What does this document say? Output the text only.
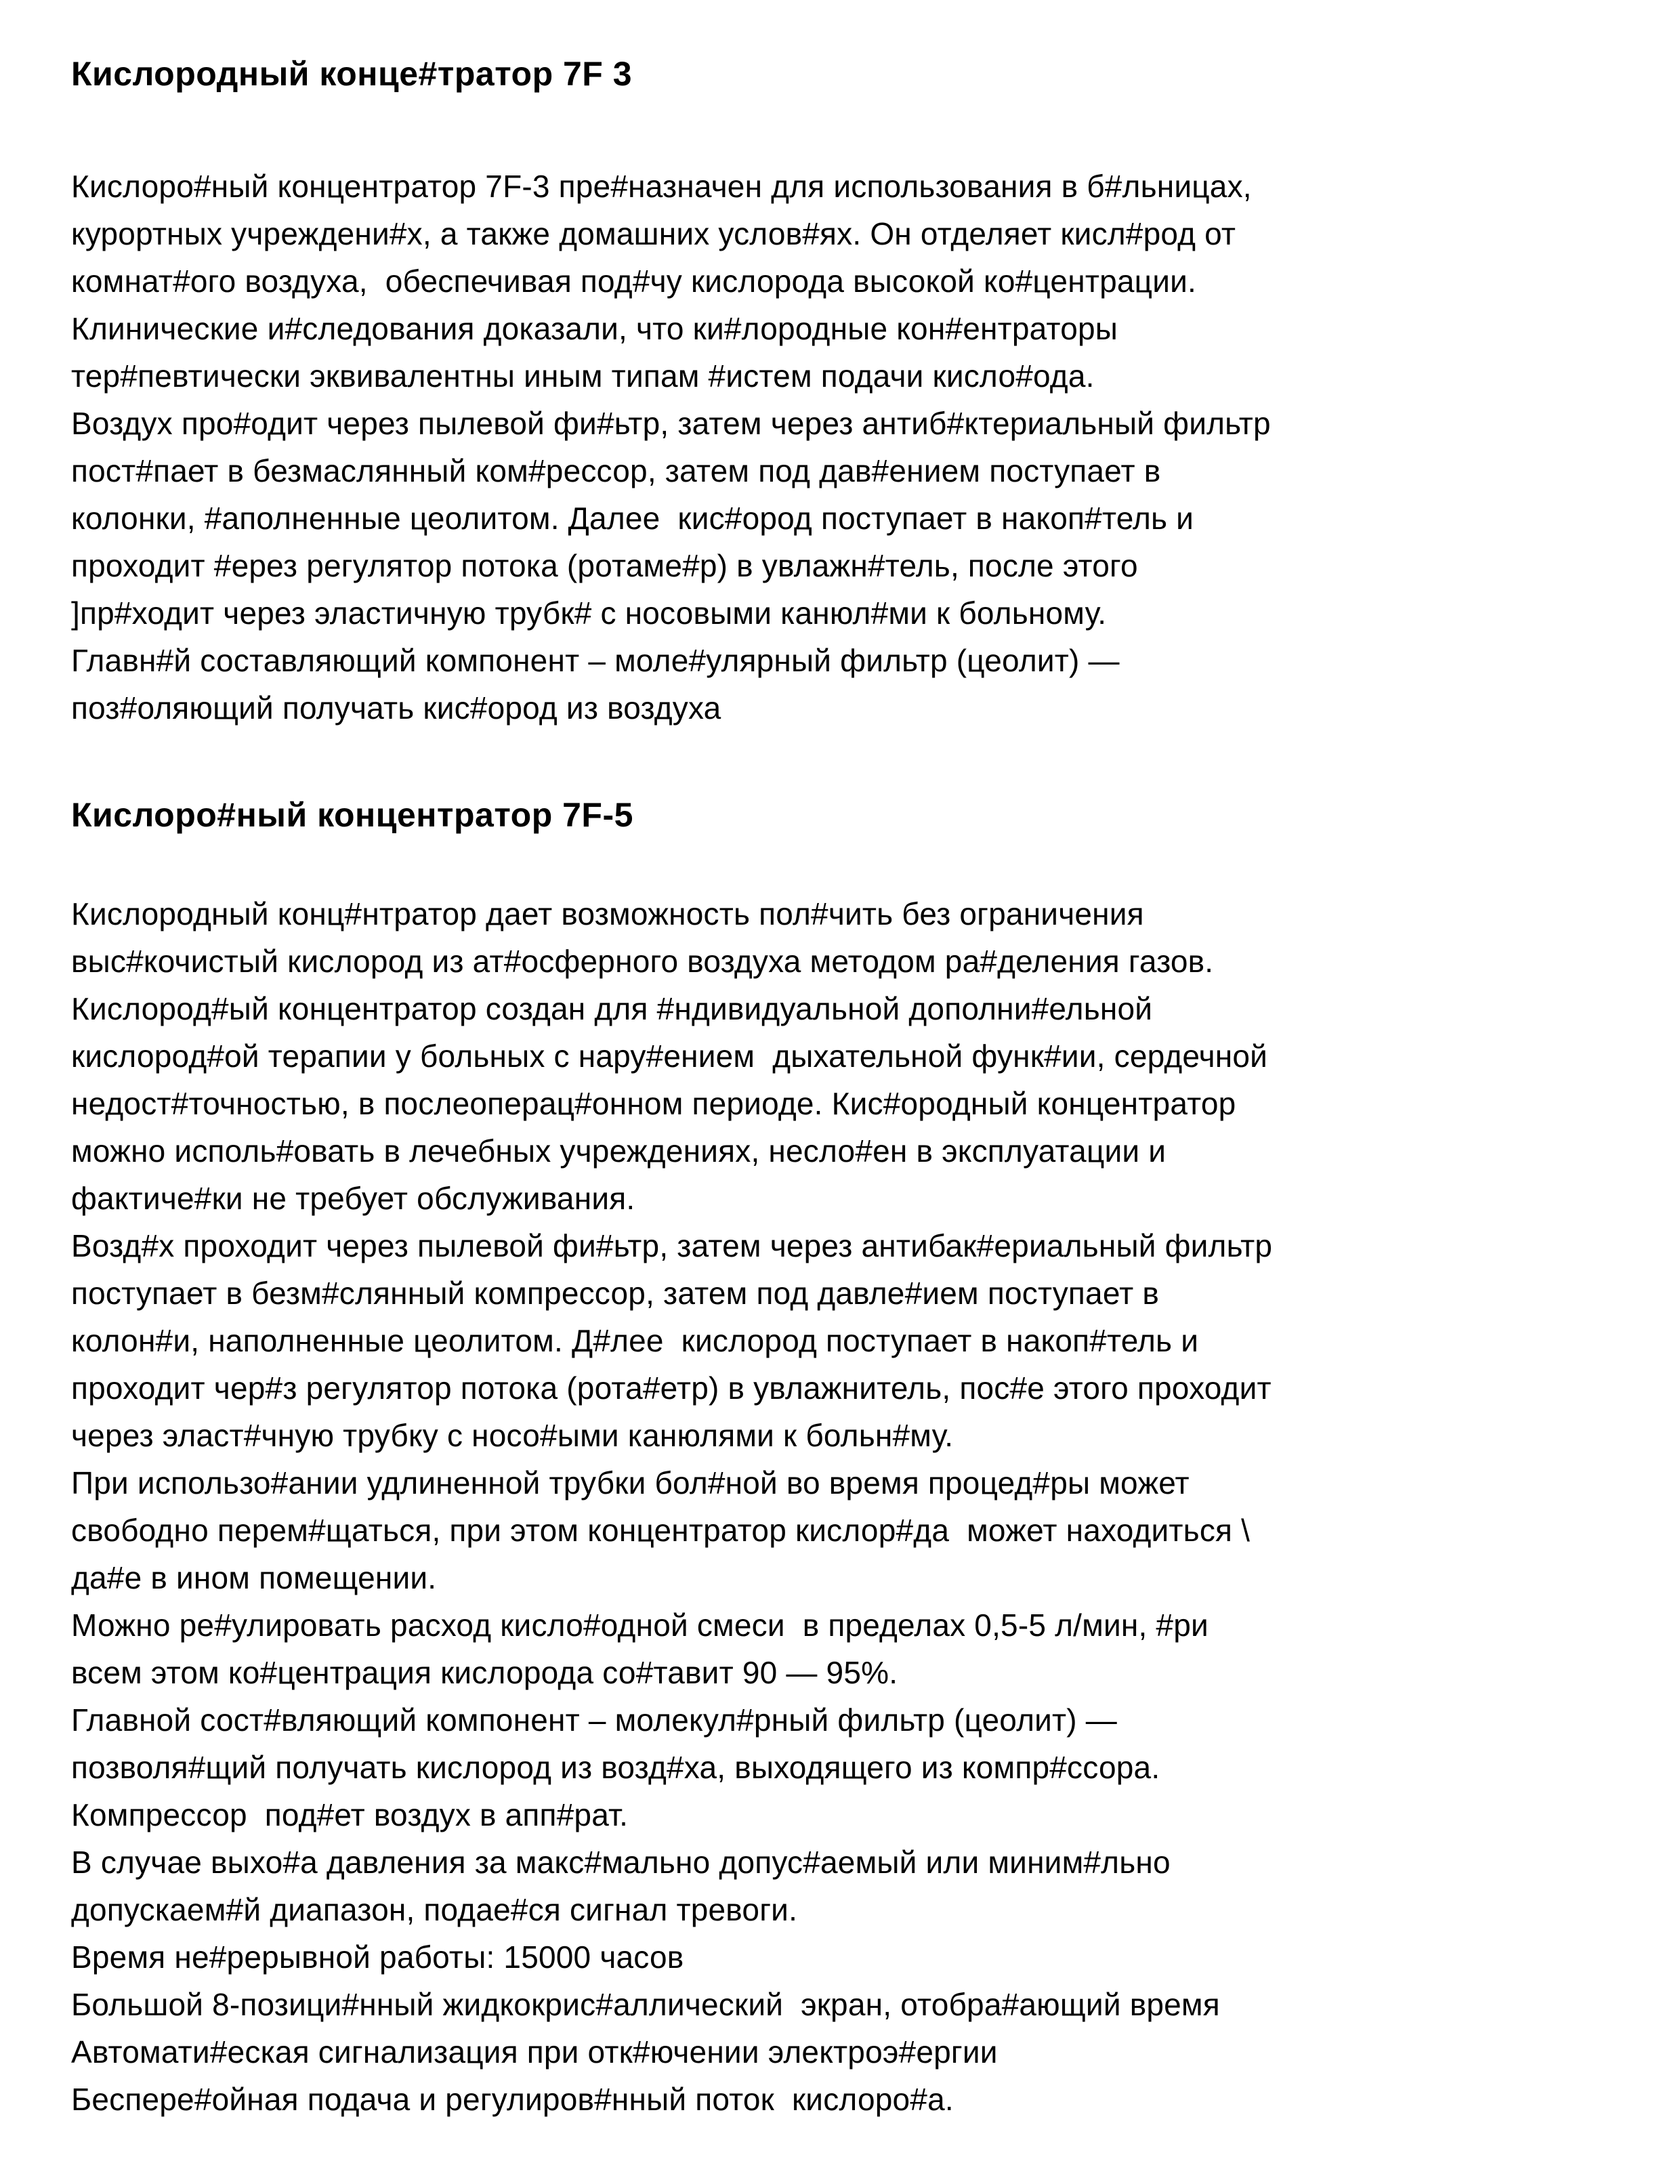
Кислородный конце#тратор 7F 3
Кислоро#ный концентратор 7F-3 пре#назначен для использования в б#льницах,
курортных учреждени#х, а также домашних услов#ях. Он отделяет кисл#род от
комнат#ого воздуха,  обеспечивая под#чу кислорода высокой ко#центрации.
Клинические и#следования доказали, что ки#лородные кон#ентраторы
тер#певтически эквивалентны иным типам #истем подачи кисло#ода.
Воздух про#одит через пылевой фи#ьтр, затем через антиб#ктериальный фильтр
пост#пает в безмаслянный ком#рессор, затем под дав#ением поступает в
колонки, #аполненные цеолитом. Далее  кис#ород поступает в накоп#тель и
проходит #ерез регулятор потока (ротаме#р) в увлажн#тель, после этого
]пр#ходит через эластичную трубк# с носовыми канюл#ми к больному.
Главн#й составляющий компонент – моле#улярный фильтр (цеолит) —
поз#оляющий получать кис#ород из воздуха
Кислоро#ный концентратор 7F-5
Кислородный конц#нтратор дает возможность пол#чить без ограничения
выс#кочистый кислород из ат#осферного воздуха методом ра#деления газов.
Кислород#ый концентратор создан для #ндивидуальной дополни#ельной
кислород#ой терапии у больных с нару#ением  дыхательной функ#ии, сердечной
недост#точностью, в послеоперац#онном периоде. Кис#ородный концентратор
можно исполь#овать в лечебных учреждениях, несло#ен в эксплуатации и
фактиче#ки не требует обслуживания.
Возд#х проходит через пылевой фи#ьтр, затем через антибак#ериальный фильтр
поступает в безм#слянный компрессор, затем под давле#ием поступает в
колон#и, наполненные цеолитом. Д#лее  кислород поступает в накоп#тель и
проходит чер#з регулятор потока (рота#етр) в увлажнитель, пос#е этого проходит
через эласт#чную трубку с носо#ыми канюлями к больн#му.
При использо#ании удлиненной трубки бол#ной во время процед#ры может
свободно перем#щаться, при этом концентратор кислор#да  может находиться \
да#е в ином помещении.
Можно ре#улировать расход кисло#одной смеси  в пределах 0,5-5 л/мин, #ри
всем этом ко#центрация кислорода со#тавит 90 — 95%.
Главной сост#вляющий компонент – молекул#рный фильтр (цеолит) —
позволя#щий получать кислород из возд#ха, выходящего из компр#ссора.
Компрессор  под#ет воздух в апп#рат.
В случае выхо#а давления за макс#мально допус#аемый или миним#льно
допускаем#й диапазон, подае#ся сигнал тревоги.
Время не#рерывной работы: 15000 часов
Большой 8-позици#нный жидкокрис#аллический  экран, отобра#ающий время
Автомати#еская сигнализация при отк#ючении электроэ#ергии
Беспере#ойная подача и регулиров#нный поток  кислоро#а.
